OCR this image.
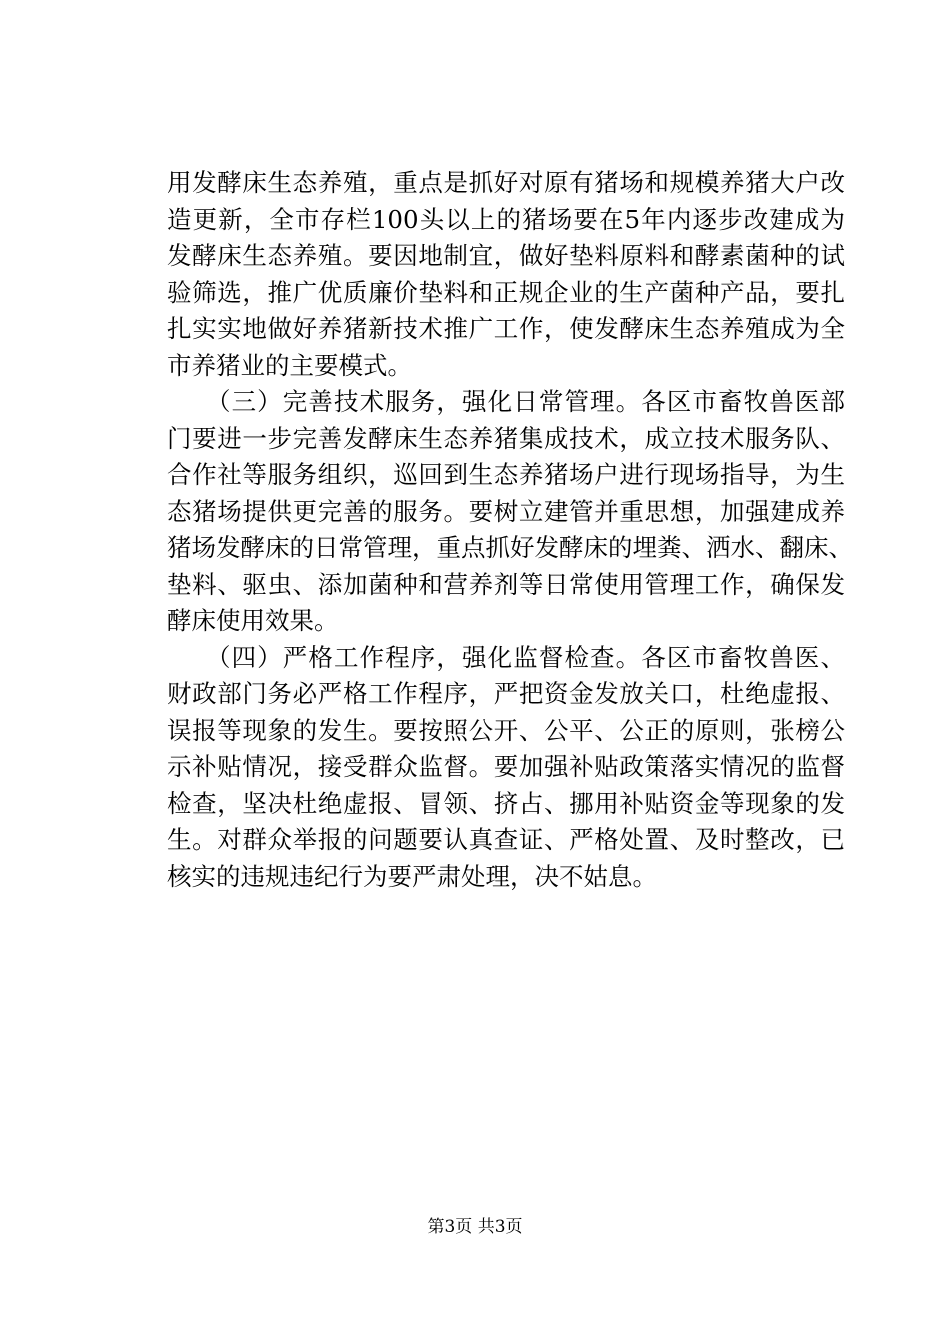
用发酵床生态养殖，重点是抓好对原有猪场和规模养猪大户改
造更新，全市存栏100头以上的猪场要在5年内逐步改建成为
发酵床生态养殖。要因地制宜，做好垫料原料和酵素菌种的试
验筛选，推广优质廉价垫料和正规企业的生产菌种产品，要扎
扎实实地做好养猪新技术推广工作，使发酵床生态养殖成为全
市养猪业的主要模式。
　　（三）完善技术服务，强化日常管理。各区市畜牧兽医部
门要进一步完善发酵床生态养猪集成技术，成立技术服务队、
合作社等服务组织，巡回到生态养猪场户进行现场指导，为生
态猪场提供更完善的服务。要树立建管并重思想，加强建成养
猪场发酵床的日常管理，重点抓好发酵床的埋粪、洒水、翻床、
垫料、驱虫、添加菌种和营养剂等日常使用管理工作，确保发
酵床使用效果。
　　（四）严格工作程序，强化监督检查。各区市畜牧兽医、
财政部门务必严格工作程序，严把资金发放关口，杜绝虚报、
误报等现象的发生。要按照公开、公平、公正的原则，张榜公
示补贴情况，接受群众监督。要加强补贴政策落实情况的监督
检查，坚决杜绝虚报、冒领、挤占、挪用补贴资金等现象的发
生。对群众举报的问题要认真查证、严格处置、及时整改，已
核实的违规违纪行为要严肃处理，决不姑息。
第3页 共3页
